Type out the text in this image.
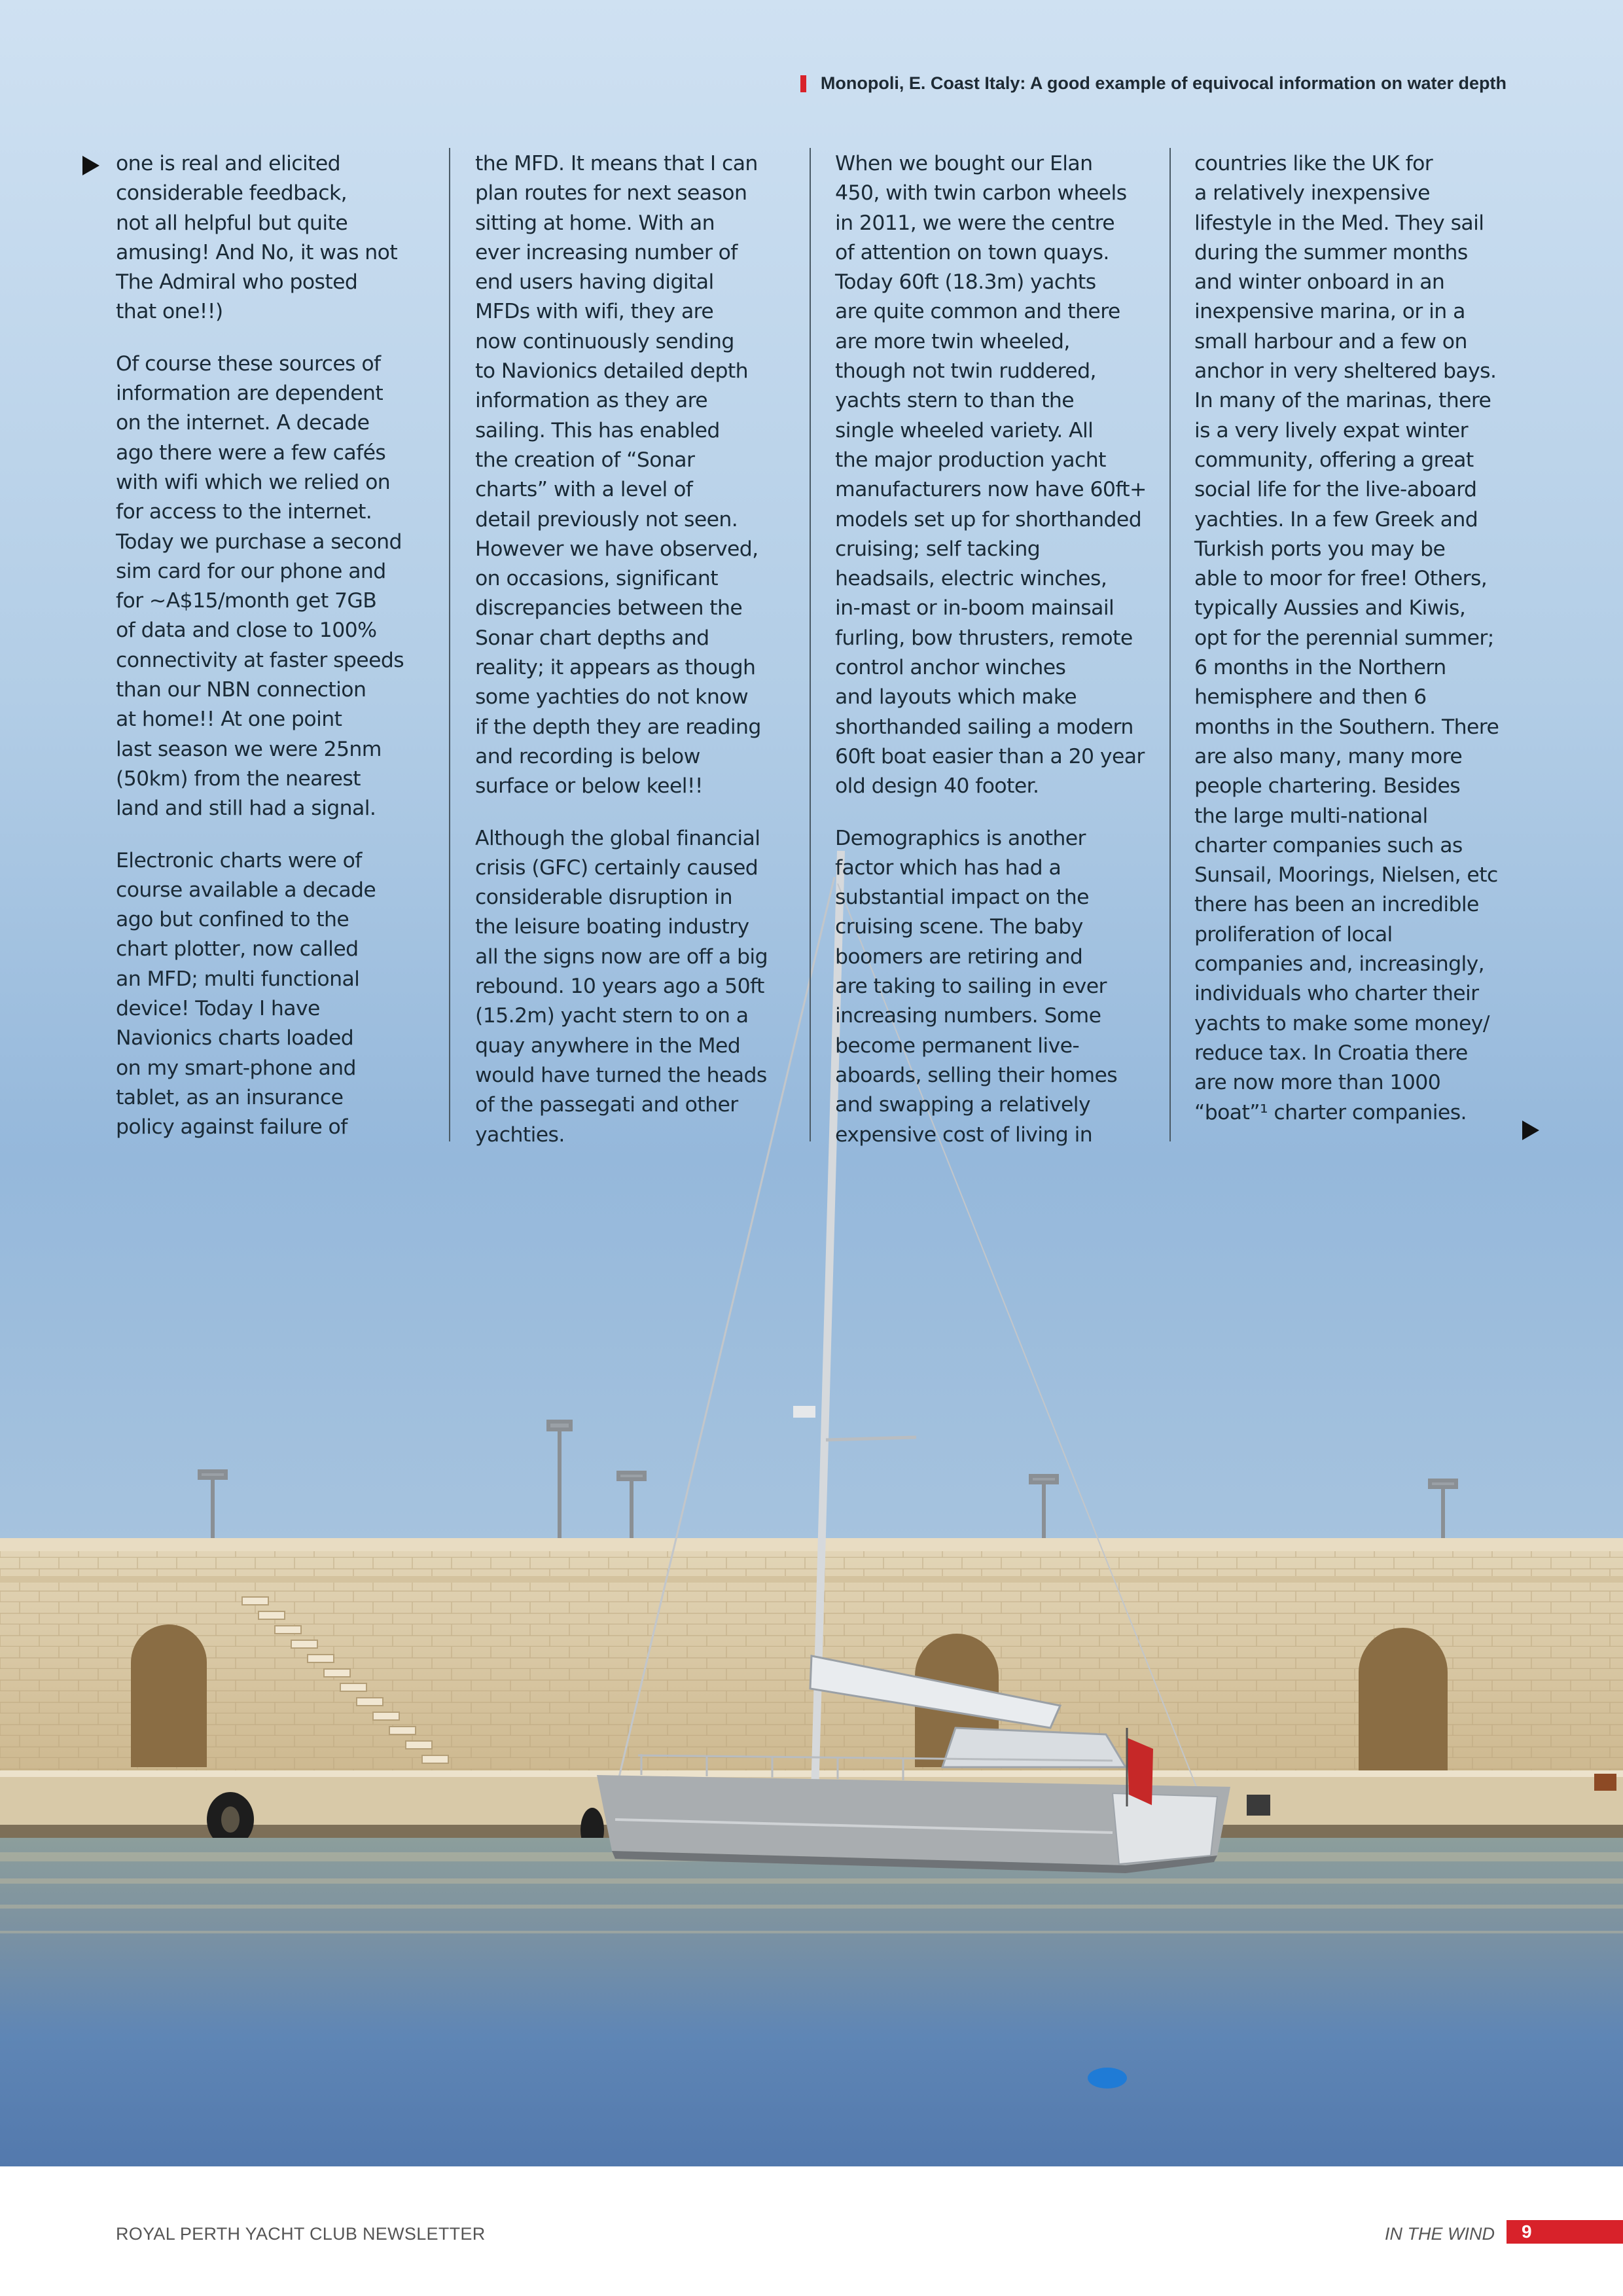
Monopoli, E. Coast Italy: A good example of equivocal information on water depth

one is real and elicited
considerable feedback,
not all helpful but quite
amusing! And No, it was not
The Admiral who posted
that one!!)

Of course these sources of
information are dependent
on the internet. A decade
ago there were a few cafés
with wifi which we relied on
for access to the internet.
Today we purchase a second
sim card for our phone and
for ~A$15/month get 7GB
of data and close to 100%
connectivity at faster speeds
than our NBN connection
at home!! At one point
last season we were 25nm
(50km) from the nearest
land and still had a signal.

Electronic charts were of
course available a decade
ago but confined to the
chart plotter, now called
an MFD; multi functional
device! Today I have
Navionics charts loaded
on my smart-phone and
tablet, as an insurance
policy against failure of

the MFD. It means that I can
plan routes for next season
sitting at home. With an
ever increasing number of
end users having digital
MFDs with wifi, they are
now continuously sending
to Navionics detailed depth
information as they are
sailing. This has enabled
the creation of “Sonar
charts” with a level of
detail previously not seen.
However we have observed,
on occasions, significant
discrepancies between the
Sonar chart depths and
reality; it appears as though
some yachties do not know
if the depth they are reading
and recording is below
surface or below keel!!

Although the global financial
crisis (GFC) certainly caused
considerable disruption in
the leisure boating industry
all the signs now are off a big
rebound. 10 years ago a 50ft
(15.2m) yacht stern to on a
quay anywhere in the Med
would have turned the heads
of the passegati and other
yachties.

When we bought our Elan
450, with twin carbon wheels
in 2011, we were the centre
of attention on town quays.
Today 60ft (18.3m) yachts
are quite common and there
are more twin wheeled,
though not twin ruddered,
yachts stern to than the
single wheeled variety. All
the major production yacht
manufacturers now have 60ft+
models set up for shorthanded
cruising; self tacking
headsails, electric winches,
in-mast or in-boom mainsail
furling, bow thrusters, remote
control anchor winches
and layouts which make
shorthanded sailing a modern
60ft boat easier than a 20 year
old design 40 footer.

Demographics is another
factor which has had a
substantial impact on the
cruising scene. The baby
boomers are retiring and
are taking to sailing in ever
increasing numbers. Some
become permanent live-
aboards, selling their homes
and swapping a relatively
expensive cost of living in

countries like the UK for
a relatively inexpensive
lifestyle in the Med. They sail
during the summer months
and winter onboard in an
inexpensive marina, or in a
small harbour and a few on
anchor in very sheltered bays.
In many of the marinas, there
is a very lively expat winter
community, offering a great
social life for the live-aboard
yachties. In a few Greek and
Turkish ports you may be
able to moor for free! Others,
typically Aussies and Kiwis,
opt for the perennial summer;
6 months in the Northern
hemisphere and then 6
months in the Southern. There
are also many, many more
people chartering. Besides
the large multi-national
charter companies such as
Sunsail, Moorings, Nielsen, etc
there has been an incredible
proliferation of local
companies and, increasingly,
individuals who charter their
yachts to make some money/
reduce tax. In Croatia there
are now more than 1000
“boat”¹ charter companies.

ROYAL PERTH YACHT CLUB NEWSLETTER	IN THE WIND 9
